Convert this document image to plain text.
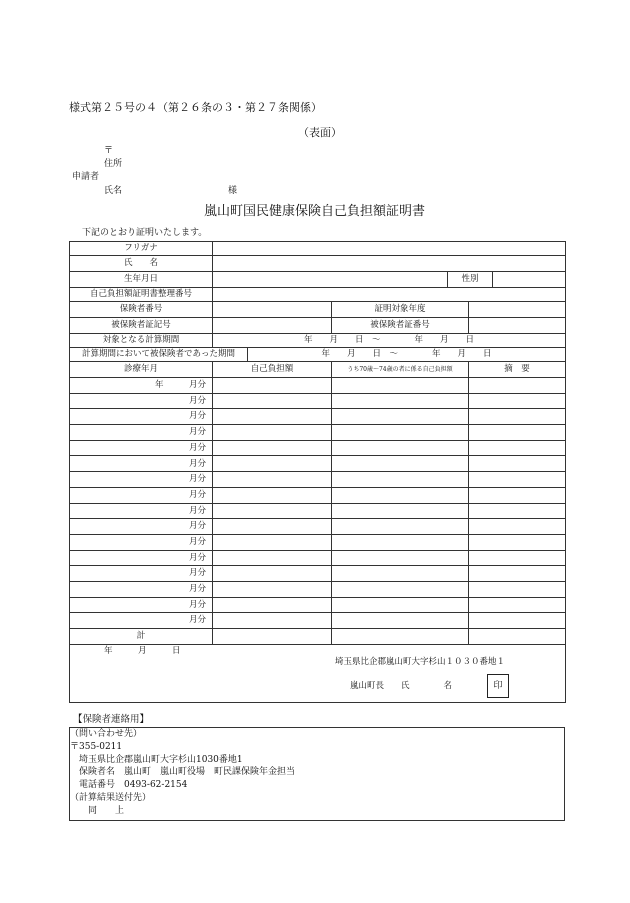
様式第２５号の４（第２６条の３・第２７条関係）
（表面）
〒
住所
申請者
氏名	様
嵐山町国民健康保険自己負担額証明書
下記のとおり証明いたします。
フリガナ						
氏　　名						
生年月日				性別		
自己負担額証明書整理番号						
保険者番号			証明対象年度			
被保険者証記号			被保険者証番号			
対象となる計算期間	年　　月　　日　～　　　　年　　月　　日					
計算期間において被保険者であった期間		年　　月　　日　～　　　　年　　月　　日				
診療年月	自己負担額		うち70歳～74歳の者に係る自己負担額		摘　要	
年　　　月分						
月分						
月分						
月分						
月分						
月分						
月分						
月分						
月分						
月分						
月分						
月分						
月分						
月分						
月分						
月分						
計						

年　　　月　　　日
埼玉県比企郡嵐山町大字杉山１０３０番地１
嵐山町長　　氏　　　　名 印						
【保険者連絡用】
（問い合わせ先）
〒355-0211
　埼玉県比企郡嵐山町大字杉山1030番地1
　保険者名　嵐山町　嵐山町役場　町民課保険年金担当
　電話番号　0493-62-2154
（計算結果送付先）
　　同　　上
